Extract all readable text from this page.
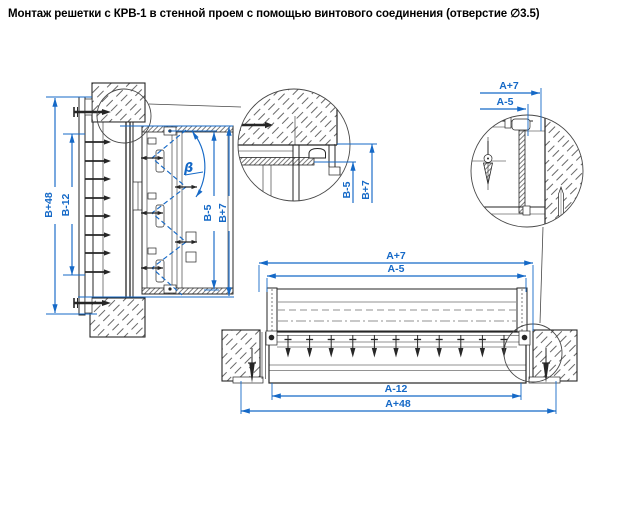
Монтаж решетки с КРВ-1 в стенной проем с помощью винтового соединения (отверстие ∅3.5)
β
B+48 B-12	B-5 B+7
B-5 B+7
A+7
A-5
A+7
A-5
A-12
A+48
